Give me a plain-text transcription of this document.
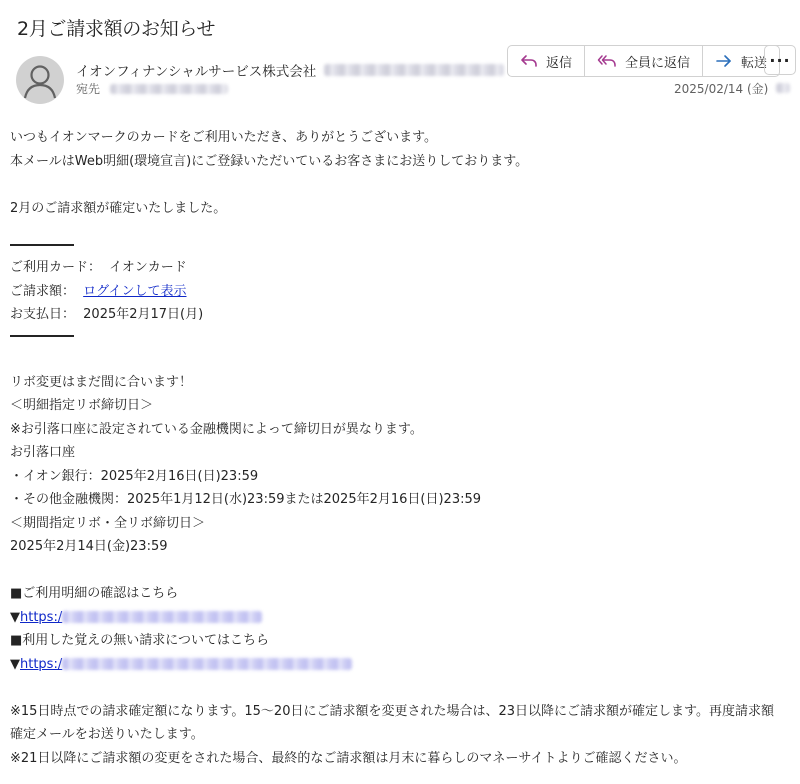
2月ご請求額のお知らせ
イオンフィナンシャルサービス株式会社
宛先
返信	全員に返信	転送 ···
2025/02/14 (金)
いつもイオンマークのカードをご利用いただき、ありがとうございます。
本メールはWeb明細(環境宣言)にご登録いただいているお客さまにお送りしております。
2月のご請求額が確定いたしました。
ご利用カード： イオンカード
ご請求額： ログインして表示
お支払日： 2025年2月17日(月)
リボ変更はまだ間に合います！
＜明細指定リボ締切日＞
※お引落口座に設定されている金融機関によって締切日が異なります。
お引落口座
・イオン銀行：2025年2月16日(日)23:59
・その他金融機関：2025年1月12日(水)23:59または2025年2月16日(日)23:59
＜期間指定リボ・全リボ締切日＞
2025年2月14日(金)23:59
■ご利用明細の確認はこちら
▼https:/
■利用した覚えの無い請求についてはこちら
▼https:/
※15日時点での請求確定額になります。15～20日にご請求額を変更された場合は、23日以降にご請求額が確定します。再度請求額確定メールをお送りいたします。
※21日以降にご請求額の変更をされた場合、最終的なご請求額は月末に暮らしのマネーサイトよりご確認ください。
